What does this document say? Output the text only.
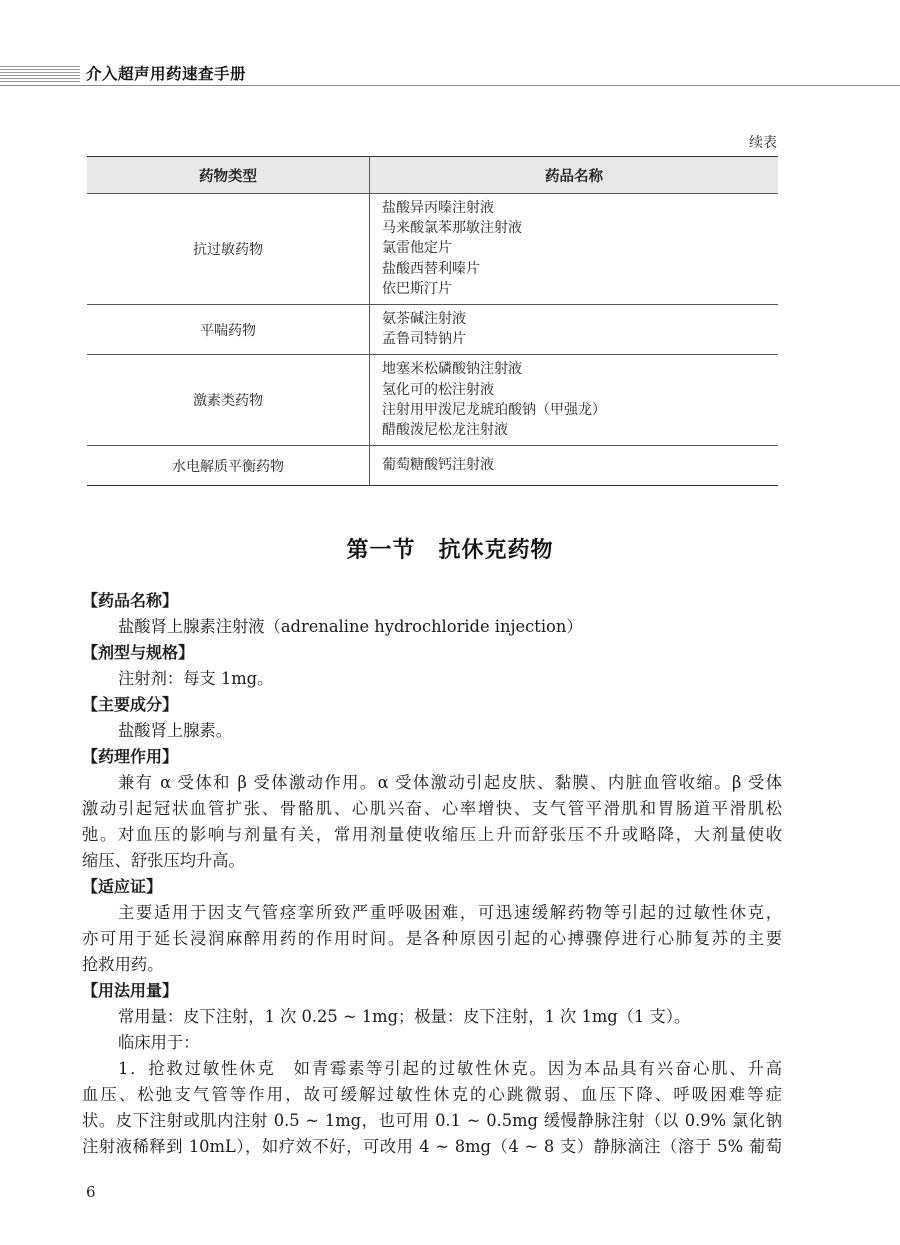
介入超声用药速查手册
续表
药物类型	药品名称
抗过敏药物	盐酸异丙嗪注射液
马来酸氯苯那敏注射液
氯雷他定片
盐酸西替利嗪片
依巴斯汀片

平喘药物	氨茶碱注射液
孟鲁司特钠片

激素类药物	地塞米松磷酸钠注射液
氢化可的松注射液
注射用甲泼尼龙琥珀酸钠（甲强龙）
醋酸泼尼松龙注射液

水电解质平衡药物	葡萄糖酸钙注射液
第一节　抗休克药物
【药品名称】
盐酸肾上腺素注射液（adrenaline hydrochloride injection）
【剂型与规格】
注射剂：每支 1mg。
【主要成分】
盐酸肾上腺素。
【药理作用】
兼有 α 受体和 β 受体激动作用。α 受体激动引起皮肤、黏膜、内脏血管收缩。β 受体
激动引起冠状血管扩张、骨骼肌、心肌兴奋、心率增快、支气管平滑肌和胃肠道平滑肌松
弛。对血压的影响与剂量有关，常用剂量使收缩压上升而舒张压不升或略降，大剂量使收
缩压、舒张压均升高。
【适应证】
主要适用于因支气管痉挛所致严重呼吸困难，可迅速缓解药物等引起的过敏性休克，
亦可用于延长浸润麻醉用药的作用时间。是各种原因引起的心搏骤停进行心肺复苏的主要
抢救用药。
【用法用量】
常用量：皮下注射，1 次 0.25 ~ 1mg；极量：皮下注射，1 次 1mg（1 支）。
临床用于：
1．抢救过敏性休克　如青霉素等引起的过敏性休克。因为本品具有兴奋心肌、升高
血压、松弛支气管等作用，故可缓解过敏性休克的心跳微弱、血压下降、呼吸困难等症
状。皮下注射或肌内注射 0.5 ~ 1mg，也可用 0.1 ~ 0.5mg 缓慢静脉注射（以 0.9% 氯化钠
注射液稀释到 10mL），如疗效不好，可改用 4 ~ 8mg（4 ~ 8 支）静脉滴注（溶于 5% 葡萄
6
